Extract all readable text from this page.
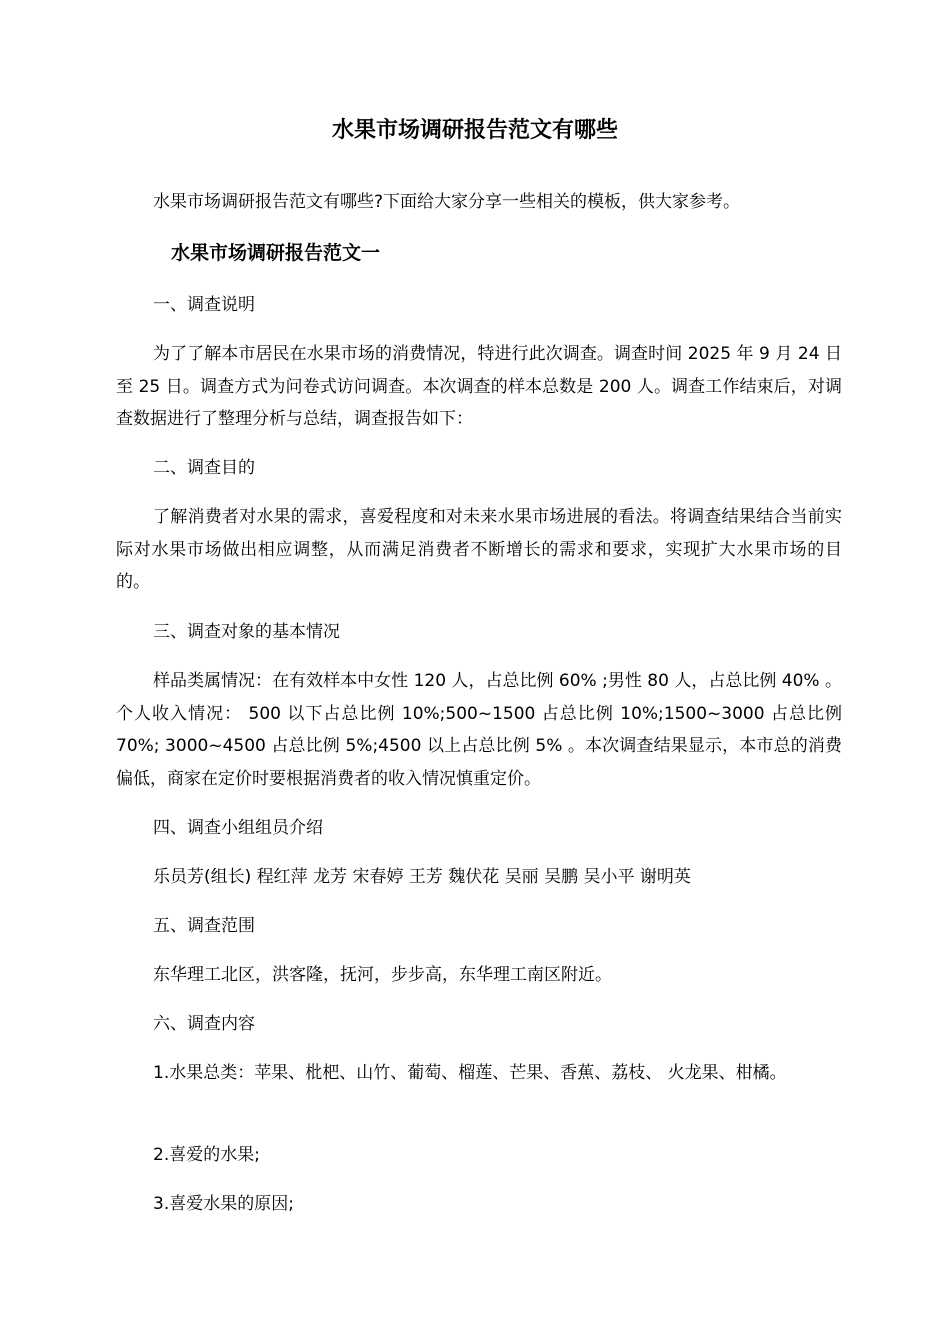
水果市场调研报告范文有哪些

水果市场调研报告范文有哪些?下面给大家分享一些相关的模板，供大家参考。

水果市场调研报告范文一

一、调查说明

为了了解本市居民在水果市场的消费情况，特进行此次调查。调查时间 2025 年 9 月 24 日至 25 日。调查方式为问卷式访问调查。本次调查的样本总数是 200 人。调查工作结束后，对调查数据进行了整理分析与总结，调查报告如下：

二、调查目的

了解消费者对水果的需求，喜爱程度和对未来水果市场进展的看法。将调查结果结合当前实际对水果市场做出相应调整，从而满足消费者不断增长的需求和要求，实现扩大水果市场的目的。

三、调查对象的基本情况

样品类属情况：在有效样本中女性 120 人，占总比例 60% ;男性 80 人，占总比例 40% 。 个人收入情况： 500 以下占总比例 10%;500~1500 占总比例 10%;1500~3000 占总比例 70%; 3000~4500 占总比例 5%;4500 以上占总比例 5% 。本次调查结果显示，本市总的消费偏低，商家在定价时要根据消费者的收入情况慎重定价。

四、调查小组组员介绍

乐员芳(组长) 程红萍 龙芳 宋春婷 王芳 魏伏花 吴丽 吴鹏 吴小平 谢明英

五、调查范围

东华理工北区，洪客隆，抚河，步步高，东华理工南区附近。

六、调查内容

1.水果总类：苹果、枇杷、山竹、葡萄、榴莲、芒果、香蕉、荔枝、 火龙果、柑橘。

2.喜爱的水果;

3.喜爱水果的原因;
